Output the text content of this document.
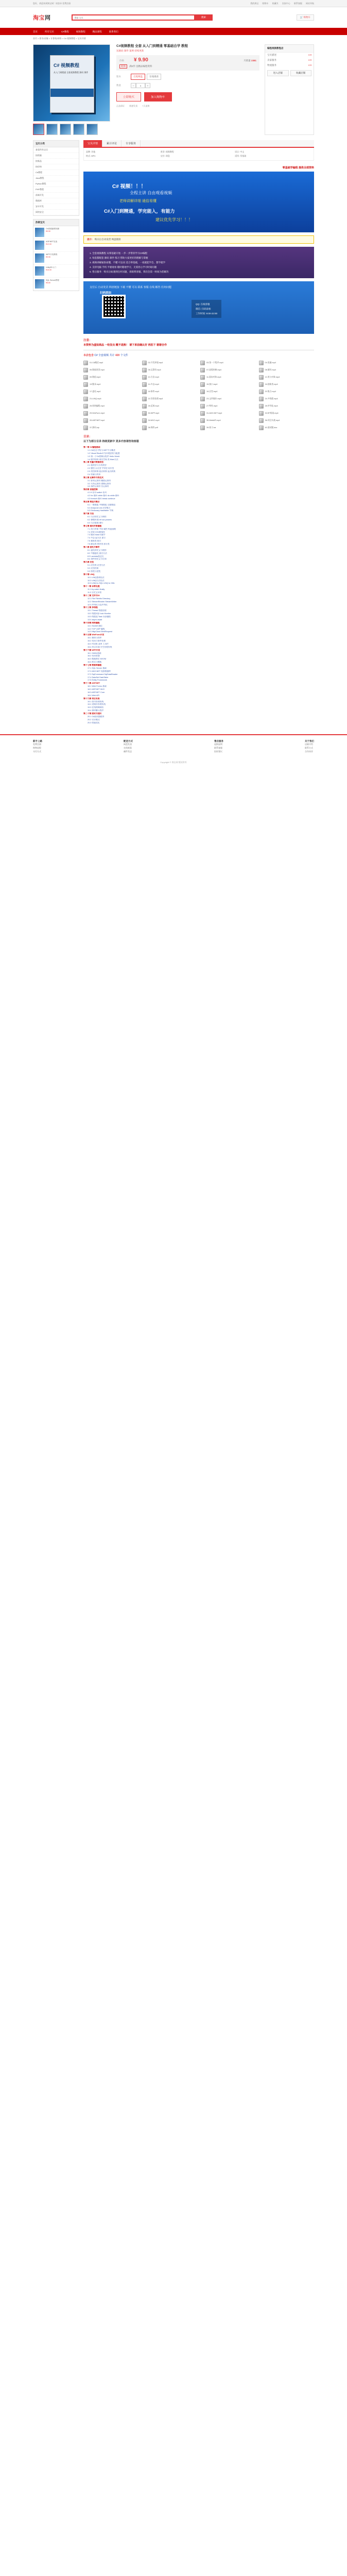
您好，欢迎来到淘宝网！请登录 免费注册	我的淘宝 购物车 收藏夹 卖家中心 联系客服 网站导航
淘宝网
搜索 宝贝	搜索	🛒 购物车
首页	所有宝贝	C#教程	视频教程	精品课程	联系我们
首页 > 图书/音像 > 计算机/网络 > C# 视频教程 > 宝贝详情
C# 视频教程
从入门到精通 全套视频教程 源码 课件
C#视频教程 全套 从入门到精通 零基础自学 教程
送源码 课件 案例 持续更新
价格	¥ 9.90	月销量 2381
促销 满2件 送精品编程资料
版本	百度网盘	在线观看
数量	−	1	+
立即购买	加入购物车
正品保证 极速发货 7天退换
编程视频教程店
宝贝描述	4.9
卖家服务	4.9
物流服务	4.9
进入店铺	收藏店铺
宝贝分类
查看所有宝贝
按销量
按新品
按价格
C#教程
Java教程
Python教程
PHP教程
前端开发
数据库
安卓开发
网络安全
热销宝贝
C#高级编程视频
¥9.90
ASP.NET实战
¥12.00
WPF开发教程
¥9.90
Unity3D入门
¥15.00
SQL Server教程
¥8.80
宝贝详情	累计评论	专享服务
品牌: 其他	类型: 视频教程	语言: 中文
格式: MP4	交付: 网盘	适用: 零基础
零基础学编程 提供全部资料
C# 视频！！！
全程主讲 自由观看视频
老师讲解详细 通俗易懂
C#入门到精通，学完能入，有能力
建议优先学习！！！
提示： 购买后自动发货 网盘链接
1. 全套视频教程 从零基础开始 一步一步带你学习C#编程
2. 每套都配套 源码 课件 练习 帮助大家更好的理解与掌握
3. 视频讲解通俗易懂，不懂 可以问 适合零基础，一看就能学会，想学就学
4. 支持电脑 手机 平板观看 随时随地学习，无需担心学习时间问题
5. 售后服务：购买后如遇到任何问题，请联系客服，我们会第一时间为您解决
支付后 自动发货 网盘链接 下载 不懂 可以 联系 客服 在线 解答 任何问题
扫码添加
QQ: 在线客服
微信: 扫码添加
工作时间: 9:00-22:00
注意：
本资料为虚拟商品 一经发出 概不退换！ 请下单前确认好 再拍下 谢谢合作
本店包含 C# 全套视频 共计 420 个文件
01.C#概述.mp4	02.开发环境.mp4	03.第一个程序.mp4	04.变量.mp4
05.数据类型.mp4	06.运算符.mp4	07.流程控制.mp4	08.循环.mp4
09.数组.mp4	10.方法.mp4	11.面向对象.mp4	12.类与对象.mp4
13.继承.mp4	14.多态.mp4	15.接口.mp4	16.抽象类.mp4
17.委托.mp4	18.事件.mp4	19.泛型.mp4	20.集合.mp4
21.LINQ.mp4	22.异常处理.mp4	23.文件操作.mp4	24.多线程.mp4
25.网络编程.mp4	26.反射.mp4	27.特性.mp4	28.序列化.mp4
29.WinForm.mp4	30.WPF.mp4	31.ADO.NET.mp4	32.EF框架.mp4
33.ASP.NET.mp4	34.MVC.mp4	35.WebAPI.mp4	36.项目实战.mp4
37.源码.zip	38.课件.pdf	39.练习.rar	40.面试题.doc
目录：
以下为部分目录 持续更新中 更多内容请咨询客服
第一章 C#编程基础
1.1 C#语言介绍与.NET平台概述
1.2 Visual Studio开发环境安装与配置
1.3 第一个C#控制台程序 Hello World
1.4 程序结构 命名空间 类 Main方法
第二章 变量与数据类型
2.1 值类型与引用类型
2.2 整型 浮点型 字符型 布尔型
2.3 类型转换 隐式转换 显式转换
2.4 常量与枚举
第三章 运算符与表达式
3.1 算术运算符 赋值运算符
3.2 关系运算符 逻辑运算符
3.3 条件运算符 位运算符
第四章 流程控制
4.1 if 语句 switch 语句
4.2 for 循环 while 循环 do while 循环
4.3 foreach 循环 break continue
第五章 数组与集合
5.1 一维数组 多维数组 交错数组
5.2 ArrayList List 泛型集合
5.3 Dictionary Hashtable 字典
第六章 方法
6.1 方法的定义与调用
6.2 参数传递 ref out params
6.3 方法重载 递归
第七章 面向对象编程
7.1 类与对象 字段 属性 构造函数
7.2 封装 访问修饰符
7.3 继承 base关键字
7.4 多态 虚方法 重写
7.5 抽象类 接口
7.6 静态类 密封类 部分类
第八章 委托与事件
8.1 委托的定义与使用
8.2 多播委托 匿名方法
8.3 Lambda表达式
8.4 事件的定义与订阅
第九章 泛型
9.1 泛型类 泛型方法
9.2 泛型约束
9.3 协变与逆变
第十章 LINQ
10.1 LINQ查询语法
10.2 LINQ方法语法
10.3 LINQ to SQL LINQ to XML
第十一章 异常处理
11.1 try catch finally
11.2 自定义异常
第十二章 文件与IO
12.1 File FileInfo Directory
12.2 StreamReader StreamWriter
12.3 序列化与反序列化
第十三章 多线程
13.1 Thread 线程创建
13.2 线程同步 lock Monitor
13.3 线程池 Task 异步编程
13.4 async await
第十四章 网络编程
14.1 Socket 通信
14.2 TCP UDP 编程
14.3 HttpClient WebRequest
第十五章 WinForm开发
15.1 窗体与控件
15.2 布局与事件处理
15.3 对话框 菜单 工具栏
15.4 项目实战 学生管理系统
第十六章 WPF开发
16.1 XAML基础
16.2 布局容器
16.3 数据绑定 MVVM
16.4 样式与模板
第十七章 数据库编程
17.1 SQL Server 基础
17.2 ADO.NET 连接数据库
17.3 SqlCommand SqlDataReader
17.4 DataSet DataTable
17.5 Entity Framework
第十八章 ASP.NET
18.1 Web Forms 基础
18.2 ASP.NET MVC
18.3 ASP.NET Core
18.4 Web API
第十九章 项目实战
19.1 图书管理系统
19.2 进销存管理系统
19.3 在线商城网站
19.4 即时聊天程序
第二十章 面试与进阶
20.1 C#面试题精讲
20.2 设计模式
20.3 性能优化
新手上路
免费注册
购物流程
支付方式
配送方式
网盘发货
在线观看
邮件发送
售后服务
退换说明
联系客服
投诉建议
关于我们
店铺介绍
联系方式
合作伙伴
Copyright © 淘宝网 版权所有
